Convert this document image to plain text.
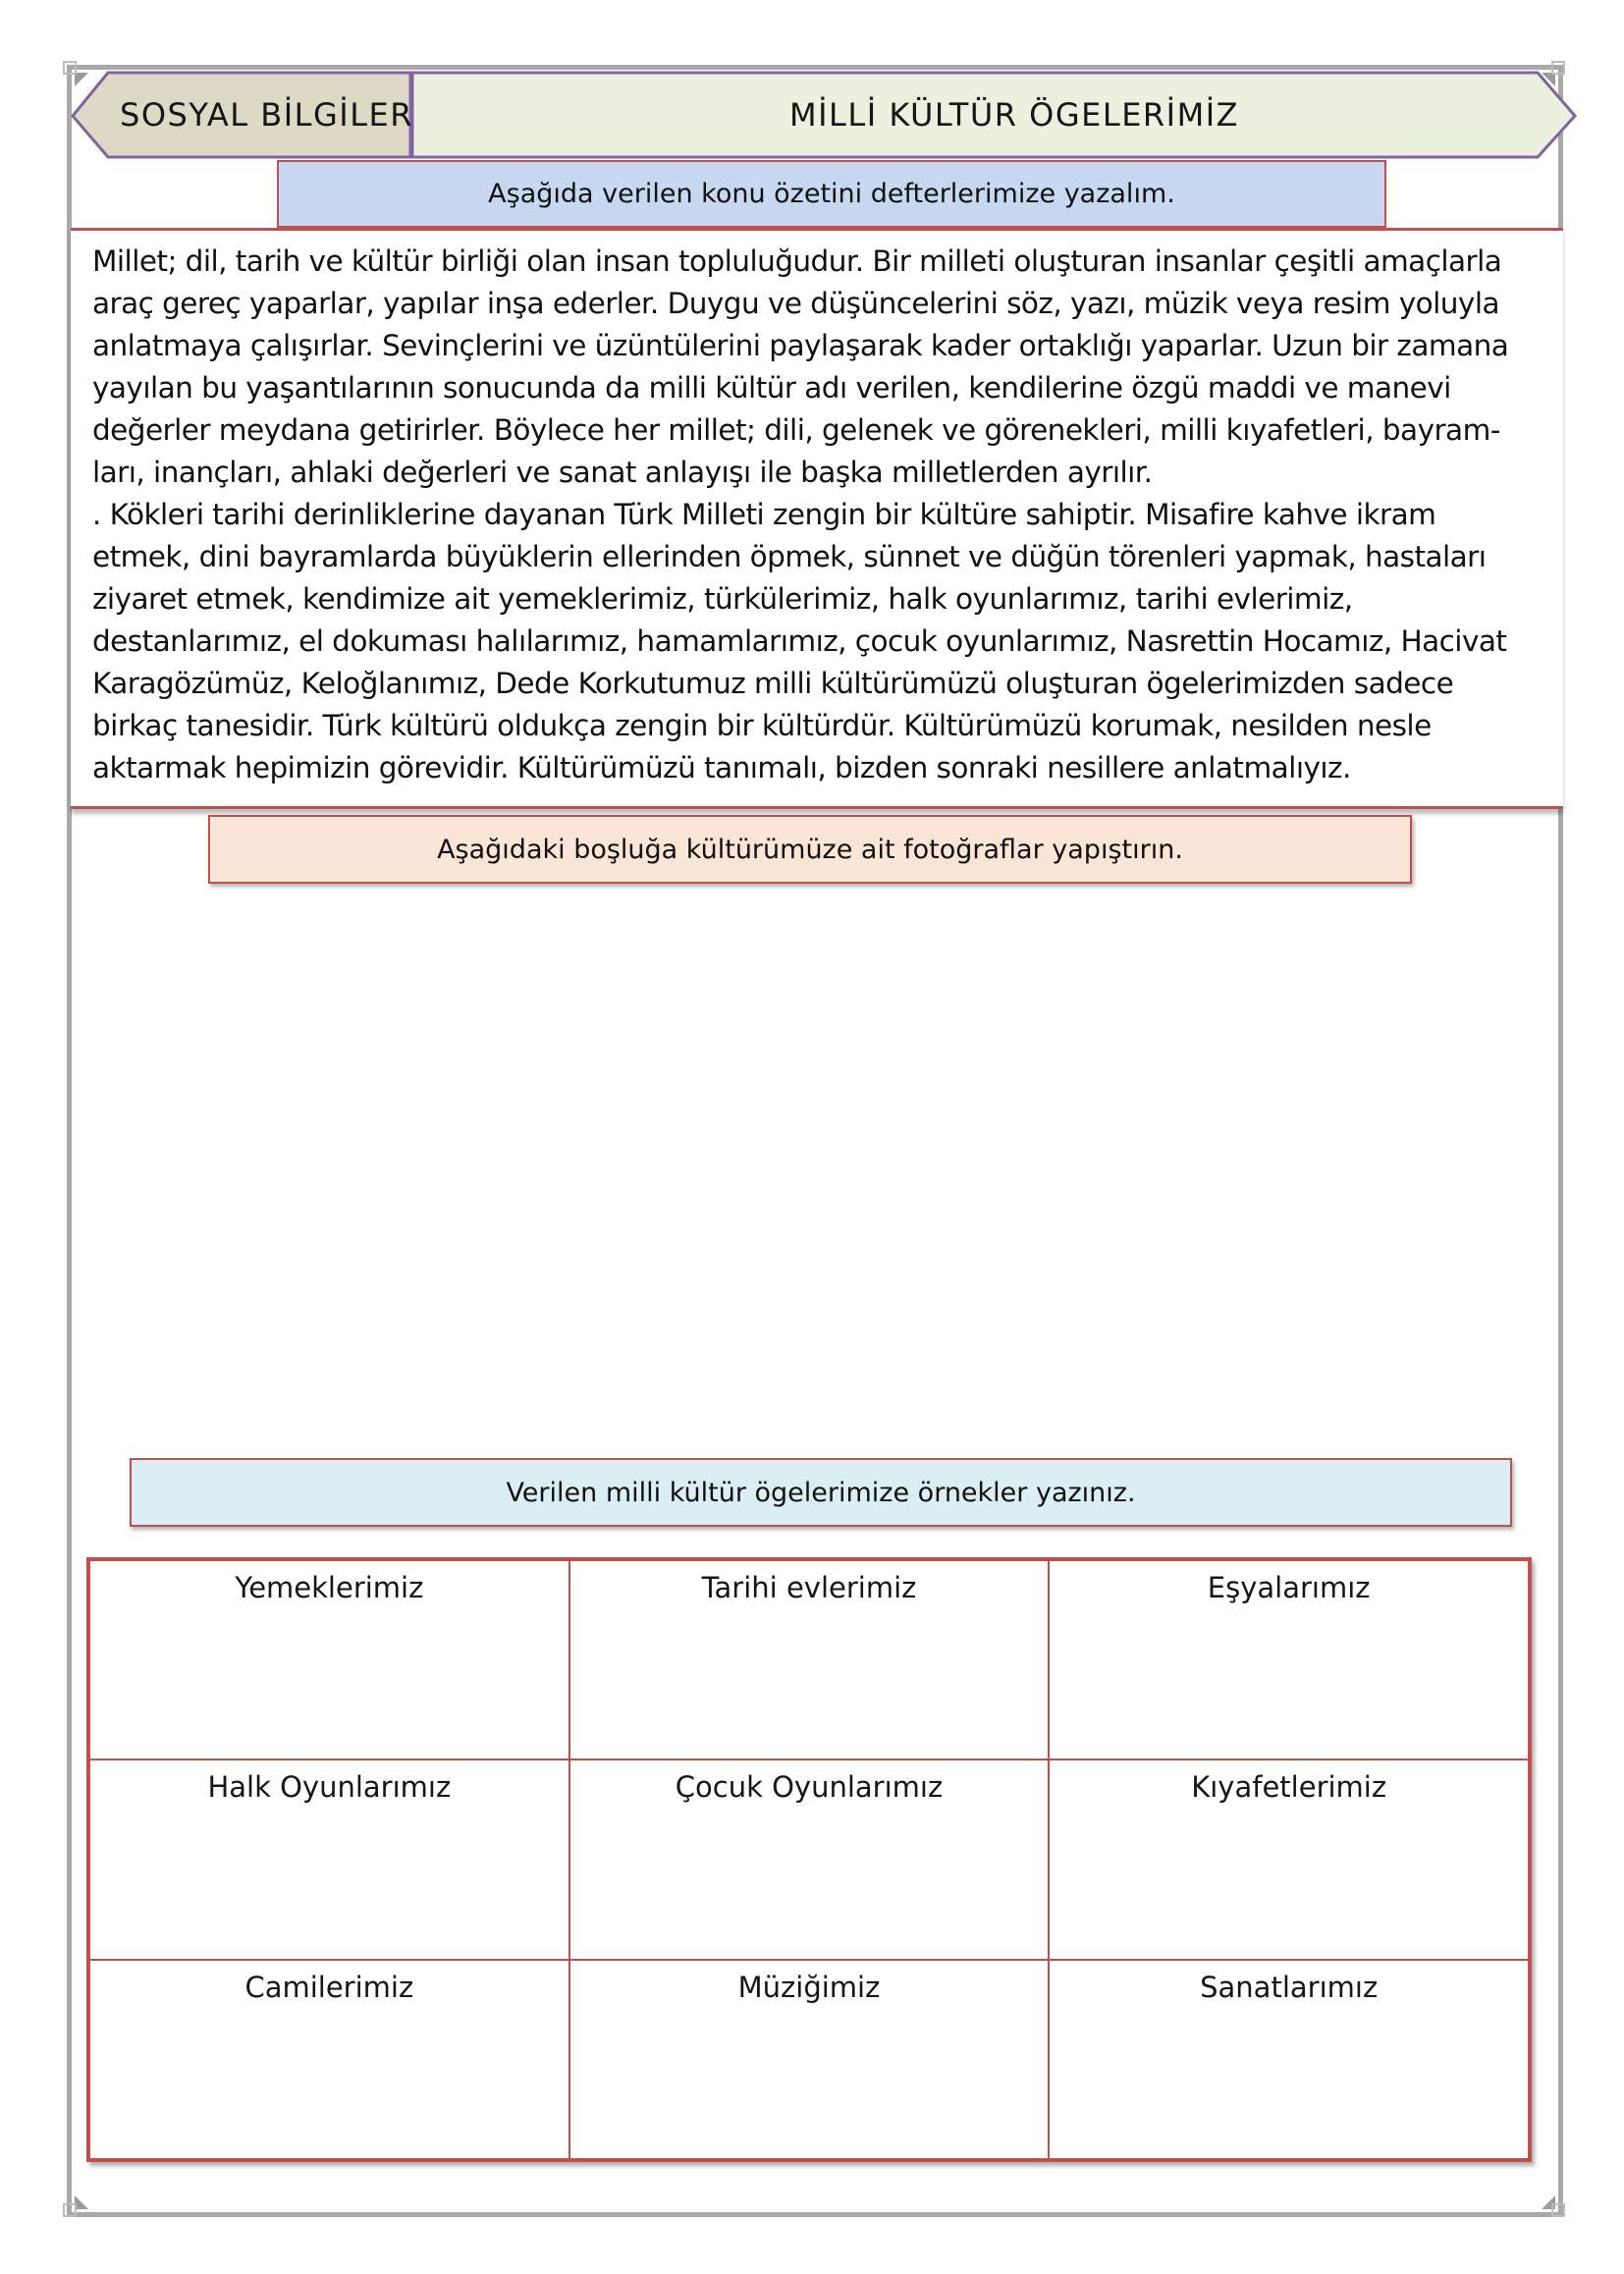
SOSYAL BİLGİLER	MİLLİ KÜLTÜR ÖGELERİMİZ
Aşağıda verilen konu özetini defterlerimize yazalım.

Millet; dil, tarih ve kültür birliği olan insan topluluğudur. Bir milleti oluşturan insanlar çeşitli amaçlarla
araç gereç yaparlar, yapılar inşa ederler. Duygu ve düşüncelerini söz, yazı, müzik veya resim yoluyla
anlatmaya çalışırlar. Sevinçlerini ve üzüntülerini paylaşarak kader ortaklığı yaparlar. Uzun bir zamana
yayılan bu yaşantılarının sonucunda da milli kültür adı verilen, kendilerine özgü maddi ve manevi
değerler meydana getirirler. Böylece her millet; dili, gelenek ve görenekleri, milli kıyafetleri, bayram-
ları, inançları, ahlaki değerleri ve sanat anlayışı ile başka milletlerden ayrılır.
. Kökleri tarihi derinliklerine dayanan Türk Milleti zengin bir kültüre sahiptir. Misafire kahve ikram
etmek, dini bayramlarda büyüklerin ellerinden öpmek, sünnet ve düğün törenleri yapmak, hastaları
ziyaret etmek, kendimize ait yemeklerimiz, türkülerimiz, halk oyunlarımız, tarihi evlerimiz,
destanlarımız, el dokuması halılarımız, hamamlarımız, çocuk oyunlarımız, Nasrettin Hocamız, Hacivat
Karagözümüz, Keloğlanımız, Dede Korkutumuz milli kültürümüzü oluşturan ögelerimizden sadece
birkaç tanesidir. Türk kültürü oldukça zengin bir kültürdür. Kültürümüzü korumak, nesilden nesle
aktarmak hepimizin görevidir. Kültürümüzü tanımalı, bizden sonraki nesillere anlatmalıyız.

Aşağıdaki boşluğa kültürümüze ait fotoğraflar yapıştırın.
Verilen milli kültür ögelerimize örnekler yazınız.
Yemeklerimiz	Tarihi evlerimiz	Eşyalarımız
Halk Oyunlarımız	Çocuk Oyunlarımız	Kıyafetlerimiz
Camilerimiz	Müziğimiz	Sanatlarımız
